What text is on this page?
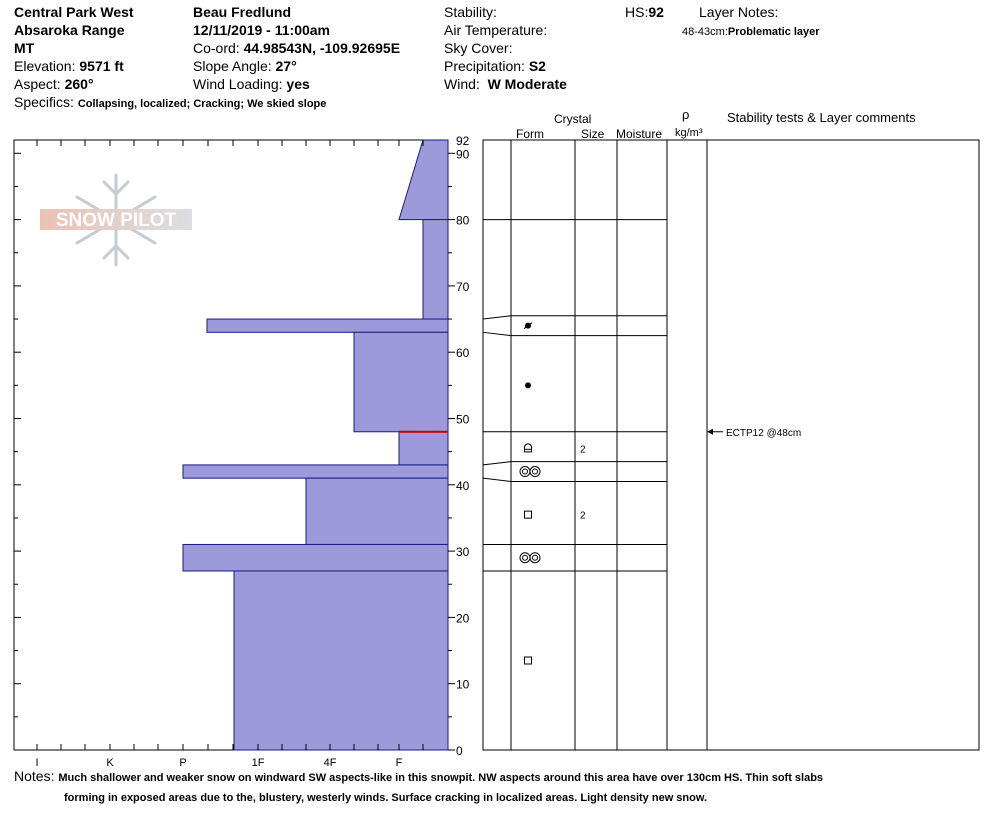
Central Park West
Absaroka Range
MT
Elevation: 9571 ft
Aspect: 260°
Specifics: Collapsing, localized; Cracking; We skied slope
Beau Fredlund
12/11/2019 - 11:00am
Co-ord: 44.98543N, -109.92695E
Slope Angle: 27°
Wind Loading: yes
Stability:
Air Temperature:
Sky Cover:
Precipitation: S2
Wind: W Moderate
HS:92	Layer Notes:
48-43cm:Problematic layer
Crystal
Form	Size Moisture
ρ
kg/m³
Stability tests & Layer comments
SNOW PILOT
I	K	P	1F	4F	F
0
10
20
30
40
50
60
70
80
90
92
2
2
ECTP12 @48cm
Notes: Much shallower and weaker snow on windward SW aspects-like in this snowpit. NW aspects around this area have over 130cm HS. Thin soft slabs
forming in exposed areas due to the, blustery, westerly winds. Surface cracking in localized areas. Light density new snow.
